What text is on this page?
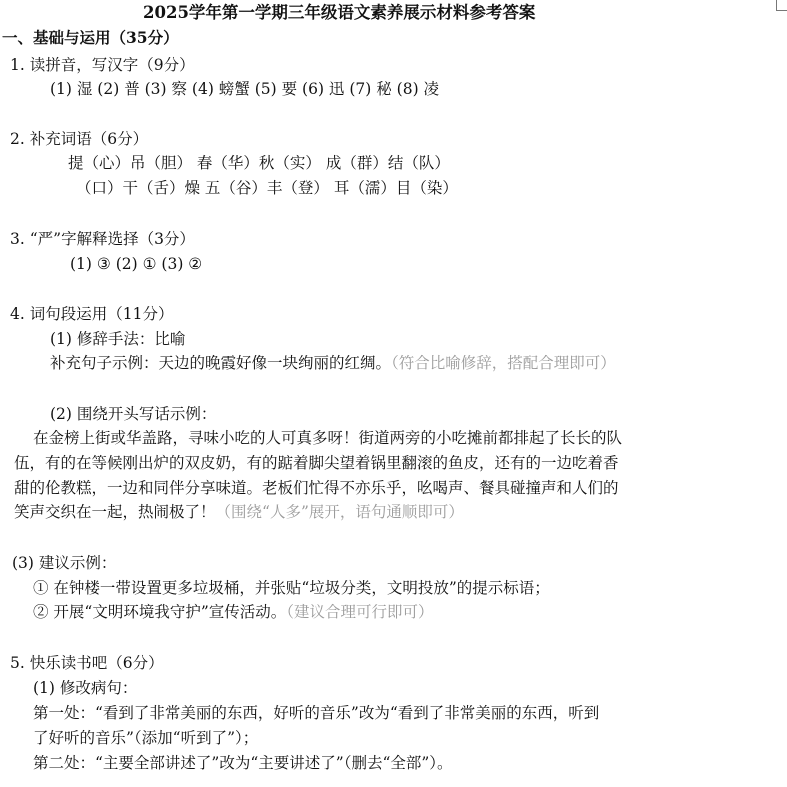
2025学年第一学期三年级语文素养展示材料参考答案
一、基础与运用（35分）
1. 读拼音，写汉字（9分）
(1) 湿 (2) 普 (3) 察 (4) 螃蟹 (5) 要 (6) 迅 (7) 秘 (8) 凌
2. 补充词语（6分）
提（心）吊（胆） 春（华）秋（实） 成（群）结（队）
（口）干（舌）燥 五（谷）丰（登） 耳（濡）目（染）
3. “严”字解释选择（3分）
(1) ③ (2) ① (3) ②
4. 词句段运用（11分）
(1) 修辞手法：比喻
补充句子示例：天边的晚霞好像一块绚丽的红绸。（符合比喻修辞，搭配合理即可）
(2) 围绕开头写话示例：
在金榜上街或华盖路，寻味小吃的人可真多呀！街道两旁的小吃摊前都排起了长长的队
伍，有的在等候刚出炉的双皮奶，有的踮着脚尖望着锅里翻滚的鱼皮，还有的一边吃着香
甜的伦教糕，一边和同伴分享味道。老板们忙得不亦乐乎，吆喝声、餐具碰撞声和人们的
笑声交织在一起，热闹极了！（围绕“人多”展开，语句通顺即可）
(3) 建议示例：
① 在钟楼一带设置更多垃圾桶，并张贴“垃圾分类，文明投放”的提示标语；
② 开展“文明环境我守护”宣传活动。（建议合理可行即可）
5. 快乐读书吧（6分）
(1) 修改病句：
第一处：“看到了非常美丽的东西，好听的音乐”改为“看到了非常美丽的东西，听到
了好听的音乐”（添加“听到了”）；
第二处：“主要全部讲述了”改为“主要讲述了”（删去“全部”）。
